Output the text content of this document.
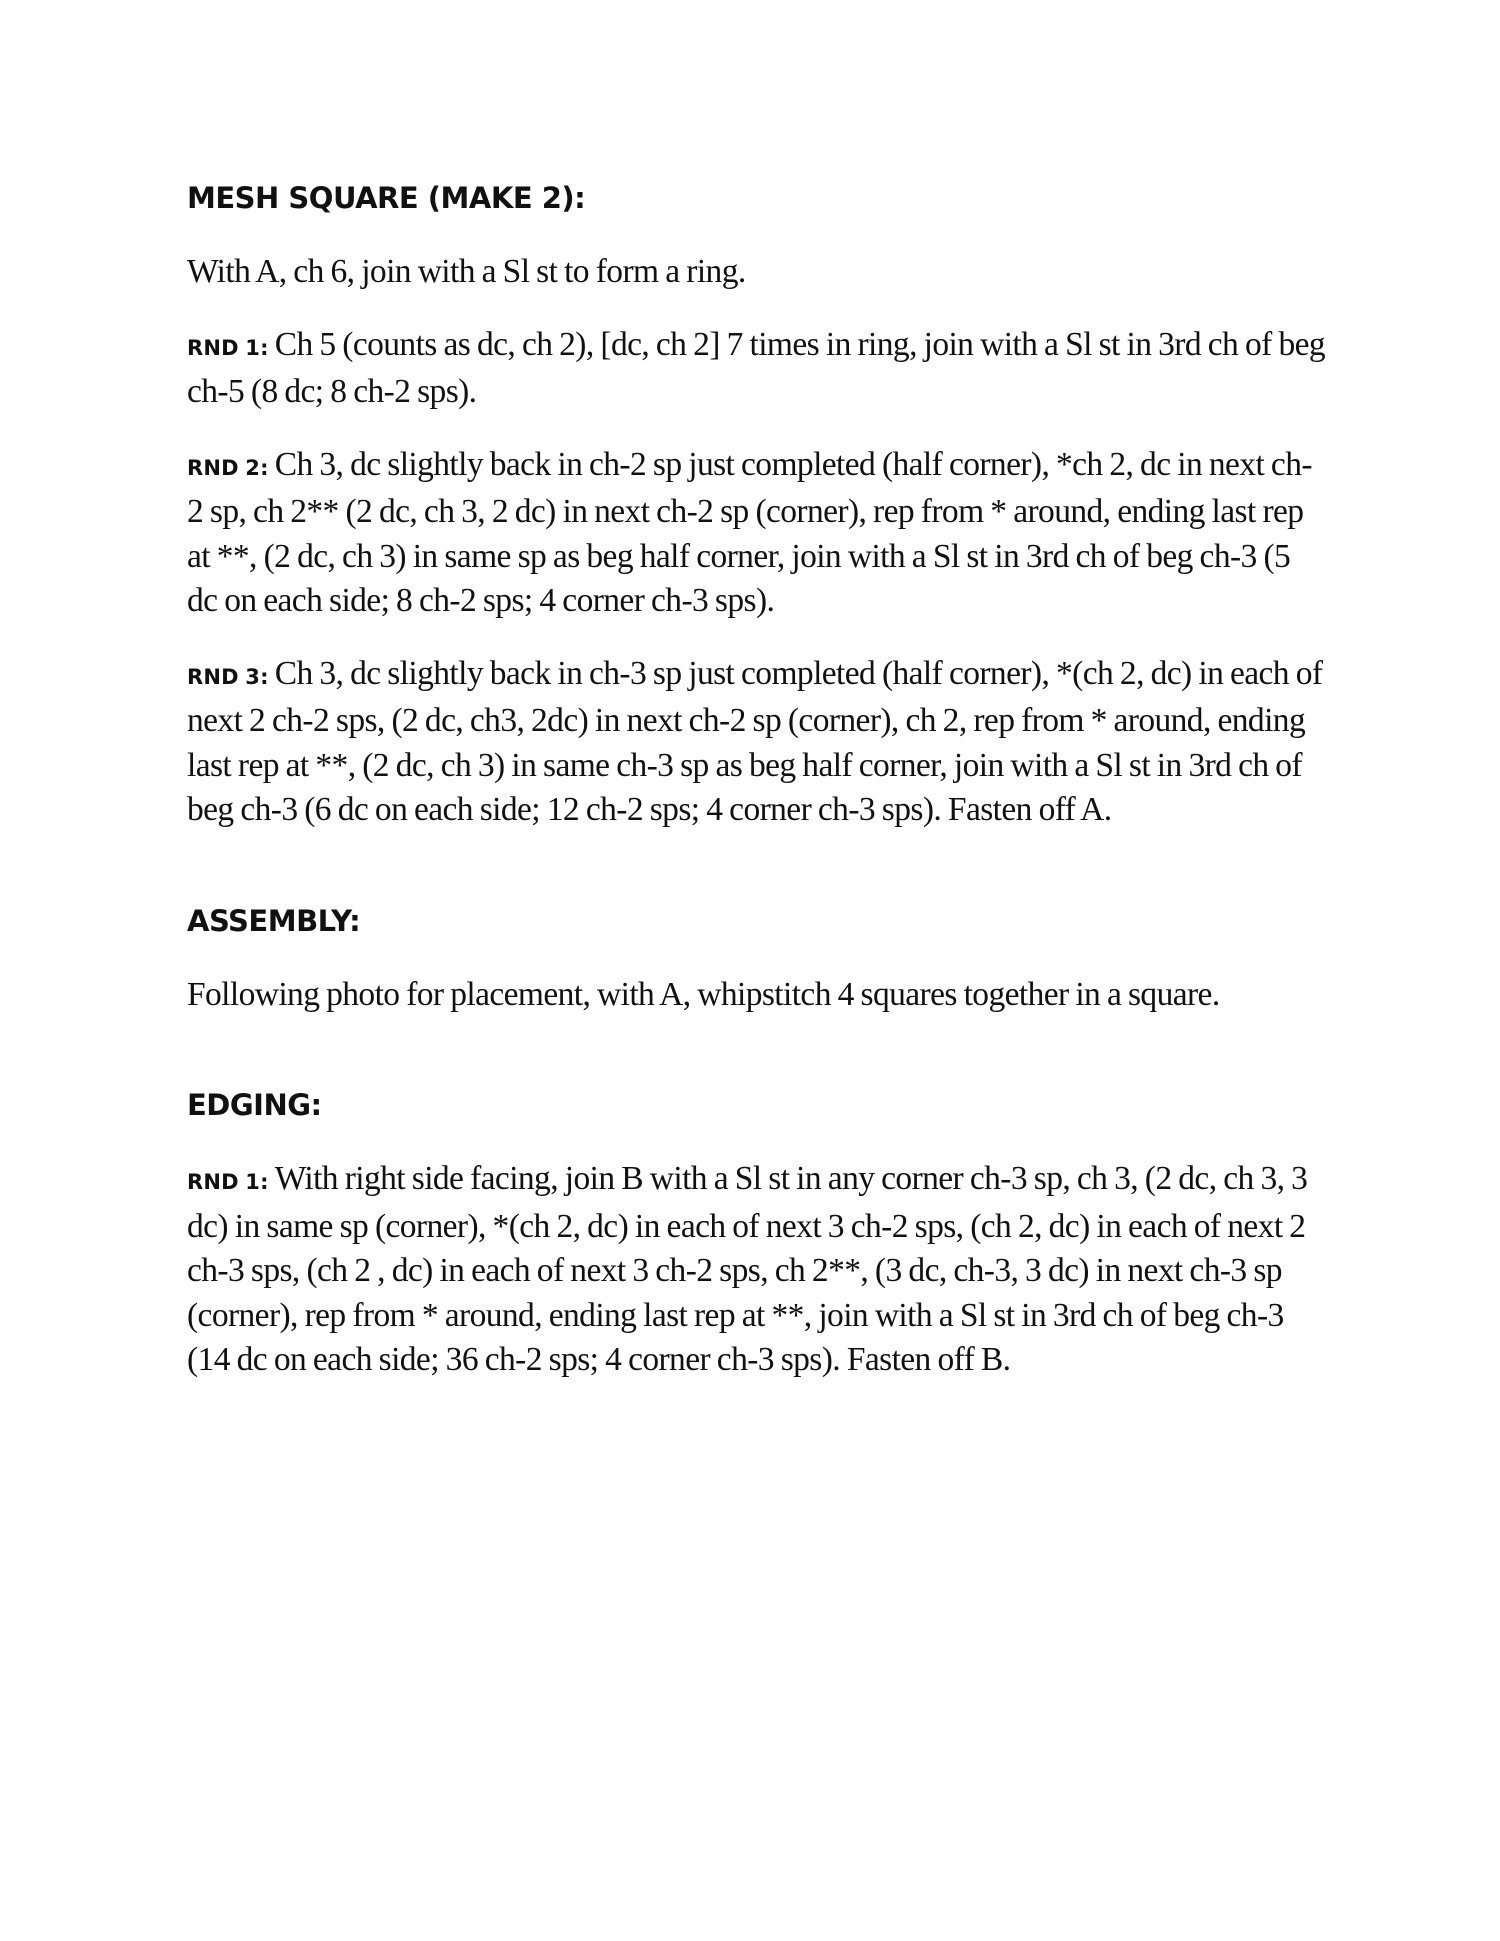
MESH SQUARE (MAKE 2):

With A, ch 6, join with a Sl st to form a ring.

RND 1: Ch 5 (counts as dc, ch 2), [dc, ch 2] 7 times in ring, join with a Sl st in 3rd ch of beg ch-5 (8 dc; 8 ch-2 sps).

RND 2: Ch 3, dc slightly back in ch-2 sp just completed (half corner), *ch 2, dc in next ch-2 sp, ch 2** (2 dc, ch 3, 2 dc) in next ch-2 sp (corner), rep from * around, ending last rep at **, (2 dc, ch 3) in same sp as beg half corner, join with a Sl st in 3rd ch of beg ch-3 (5 dc on each side; 8 ch-2 sps; 4 corner ch-3 sps).

RND 3: Ch 3, dc slightly back in ch-3 sp just completed (half corner), *(ch 2, dc) in each of next 2 ch-2 sps, (2 dc, ch3, 2dc) in next ch-2 sp (corner), ch 2, rep from * around, ending last rep at **, (2 dc, ch 3) in same ch-3 sp as beg half corner, join with a Sl st in 3rd ch of beg ch-3 (6 dc on each side; 12 ch-2 sps; 4 corner ch-3 sps). Fasten off A.

ASSEMBLY:

Following photo for placement, with A, whipstitch 4 squares together in a square.

EDGING:

RND 1: With right side facing, join B with a Sl st in any corner ch-3 sp, ch 3, (2 dc, ch 3, 3 dc) in same sp (corner), *(ch 2, dc) in each of next 3 ch-2 sps, (ch 2, dc) in each of next 2 ch-3 sps, (ch 2 , dc) in each of next 3 ch-2 sps, ch 2**, (3 dc, ch-3, 3 dc) in next ch-3 sp (corner), rep from * around, ending last rep at **, join with a Sl st in 3rd ch of beg ch-3 (14 dc on each side; 36 ch-2 sps; 4 corner ch-3 sps). Fasten off B.
